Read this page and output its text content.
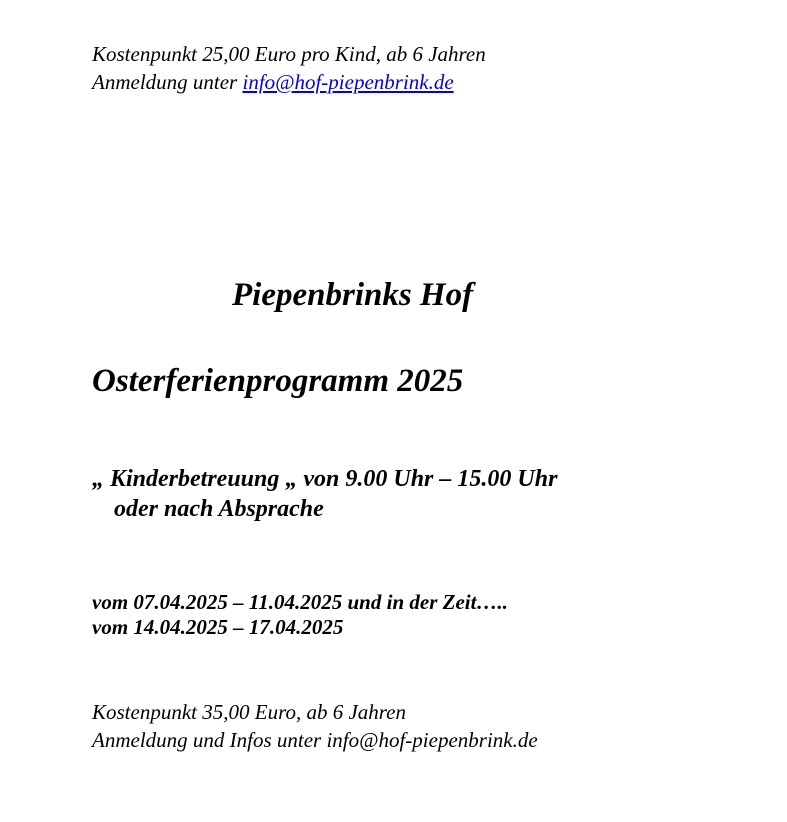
Kostenpunkt 25,00 Euro pro Kind, ab 6 Jahren
Anmeldung unter info@hof-piepenbrink.de
Piepenbrinks Hof
Osterferienprogramm 2025
„ Kinderbetreuung „ von 9.00 Uhr – 15.00 Uhr
oder nach Absprache
vom 07.04.2025 – 11.04.2025 und in der Zeit…..
vom 14.04.2025 – 17.04.2025
Kostenpunkt 35,00 Euro, ab 6 Jahren
Anmeldung und Infos unter info@hof-piepenbrink.de
